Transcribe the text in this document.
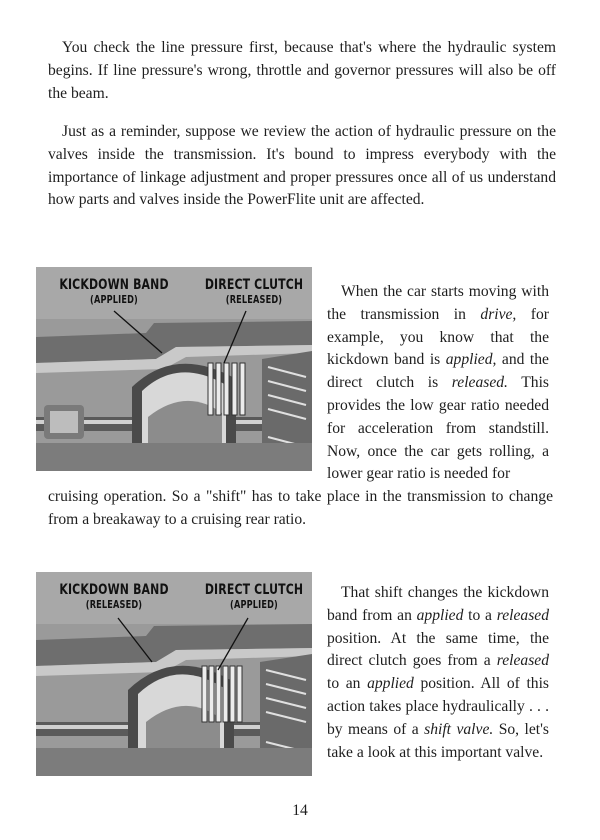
You check the line pressure first, because that's where the hydraulic system begins. If line pressure's wrong, throttle and governor pressures will also be off the beam.

Just as a reminder, suppose we review the action of hydraulic pressure on the valves inside the transmission. It's bound to impress everybody with the importance of linkage adjustment and proper pressures once all of us understand how parts and valves inside the PowerFlite unit are affected.

KICKDOWN BAND
(APPLIED)

DIRECT CLUTCH
(RELEASED)	When the car starts moving with the transmission in drive, for example, you know that the kickdown band is applied, and the direct clutch is released. This provides the low gear ratio needed for acceleration from standstill. Now, once the car gets rolling, a lower gear ratio is needed for

cruising operation. So a "shift" has to take place in the transmission to change from a breakaway to a cruising rear ratio.

KICKDOWN BAND
(RELEASED)

DIRECT CLUTCH
(APPLIED)

That shift changes the kickdown band from an applied to a released position. At the same time, the direct clutch goes from a released to an applied position. All of this action takes place hydraulically . . . by means of a shift valve. So, let's take a look at this important valve.

14
